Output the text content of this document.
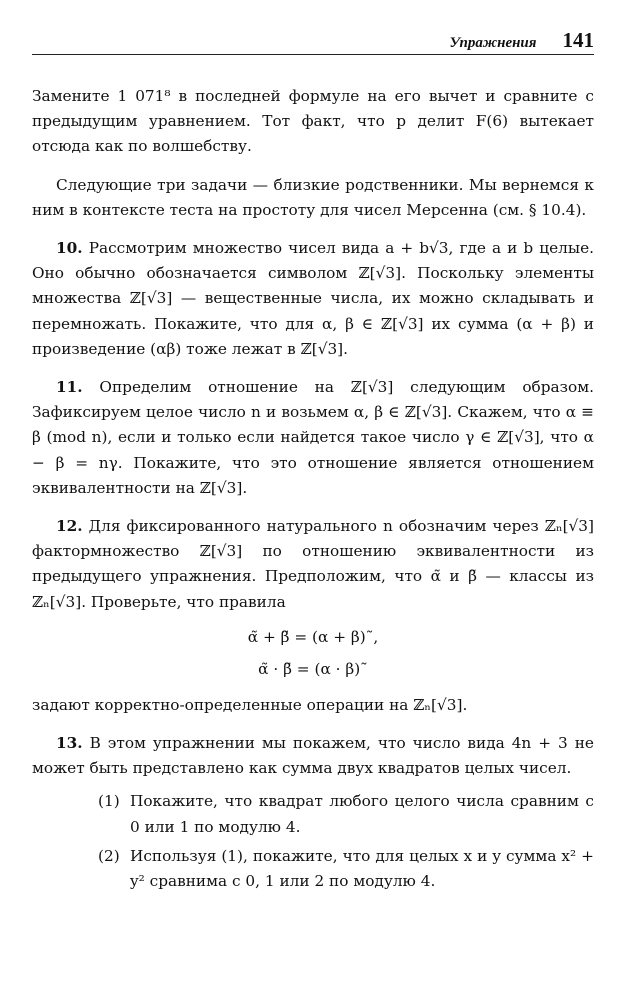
Упражнения 141

Замените 1 071⁸ в последней формуле на его вычет и сравните с предыдущим уравнением. Тот факт, что p делит F(6) вытекает отсюда как по волшебству.

Следующие три задачи — близкие родственники. Мы вернемся к ним в контексте теста на простоту для чисел Мерсенна (см. § 10.4).

10. Рассмотрим множество чисел вида a + b√3, где a и b целые. Оно обычно обозначается символом ℤ[√3]. Поскольку элементы множества ℤ[√3] — вещественные числа, их можно складывать и перемножать. Покажите, что для α, β ∈ ℤ[√3] их сумма (α + β) и произведение (αβ) тоже лежат в ℤ[√3].

11. Определим отношение на ℤ[√3] следующим образом. Зафиксируем целое число n и возьмем α, β ∈ ℤ[√3]. Скажем, что α ≡ β (mod n), если и только если найдется такое число γ ∈ ℤ[√3], что α − β = nγ. Покажите, что это отношение является отношением эквивалентности на ℤ[√3].

12. Для фиксированного натурального n обозначим через ℤₙ[√3] фактормножество ℤ[√3] по отношению эквивалентности из предыдущего упражнения. Предположим, что α̃ и β̃ — классы из ℤₙ[√3]. Проверьте, что правила

α̃ + β̃ = (α + β)˜,

α̃ · β̃ = (α · β)˜

задают корректно-определенные операции на ℤₙ[√3].

13. В этом упражнении мы покажем, что число вида 4n + 3 не может быть представлено как сумма двух квадратов целых чисел.

(1) Покажите, что квадрат любого целого числа сравним с 0 или 1 по модулю 4.
(2) Используя (1), покажите, что для целых x и y сумма x² + y² сравнима с 0, 1 или 2 по модулю 4.
